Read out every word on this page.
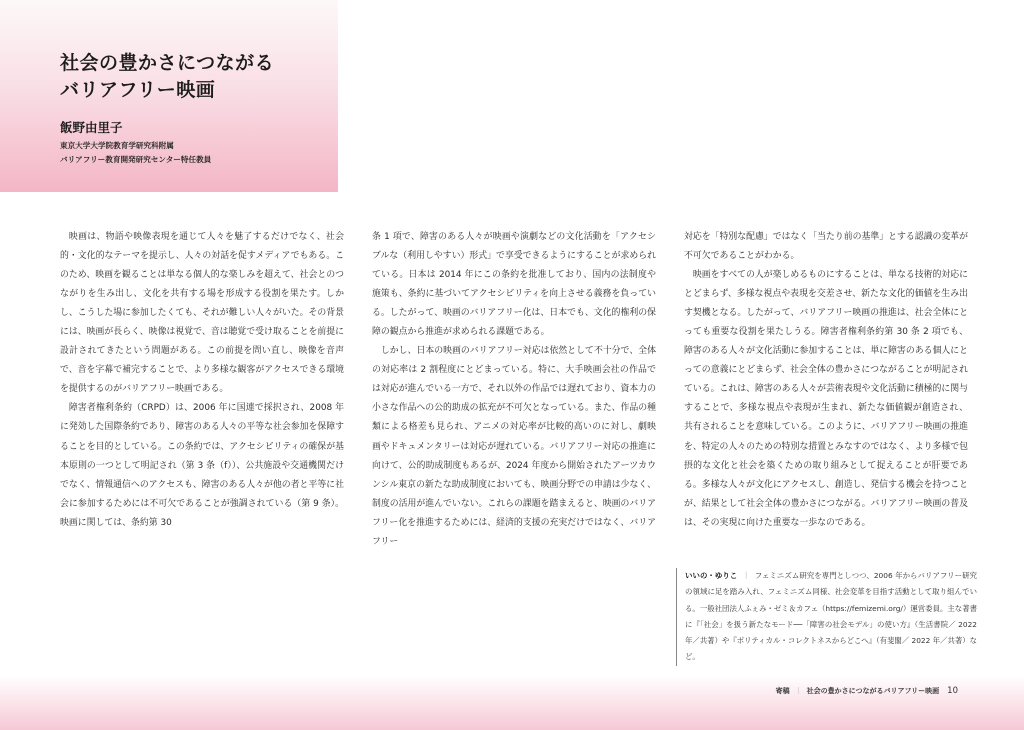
社会の豊かさにつながる
バリアフリー映画
飯野由里子
東京大学大学院教育学研究科附属
バリアフリー教育開発研究センター特任教員

映画は、物語や映像表現を通じて人々を魅了するだけでなく、社会的・文化的なテーマを提示し、人々の対話を促すメディアでもある。このため、映画を観ることは単なる個人的な楽しみを超えて、社会とのつながりを生み出し、文化を共有する場を形成する役割を果たす。しかし、こうした場に参加したくても、それが難しい人々がいた。その背景には、映画が長らく、映像は視覚で、音は聴覚で受け取ることを前提に設計されてきたという問題がある。この前提を問い直し、映像を音声で、音を字幕で補完することで、より多様な観客がアクセスできる環境を提供するのがバリアフリー映画である。

障害者権利条約（CRPD）は、2006 年に国連で採択され、2008 年に発効した国際条約であり、障害のある人々の平等な社会参加を保障することを目的としている。この条約では、アクセシビリティの確保が基本原則の一つとして明記され（第 3 条（f））、公共施設や交通機関だけでなく、情報通信へのアクセスも、障害のある人々が他の者と平等に社会に参加するためには不可欠であることが強調されている（第 9 条）。映画に関しては、条約第 30

条 1 項で、障害のある人々が映画や演劇などの文化活動を「アクセシブルな（利用しやすい）形式」で享受できるようにすることが求められている。日本は 2014 年にこの条約を批准しており、国内の法制度や施策も、条約に基づいてアクセシビリティを向上させる義務を負っている。したがって、映画のバリアフリー化は、日本でも、文化的権利の保障の観点から推進が求められる課題である。

しかし、日本の映画のバリアフリー対応は依然として不十分で、全体の対応率は 2 割程度にとどまっている。特に、大手映画会社の作品では対応が進んでいる一方で、それ以外の作品では遅れており、資本力の小さな作品への公的助成の拡充が不可欠となっている。また、作品の種類による格差も見られ、アニメの対応率が比較的高いのに対し、劇映画やドキュメンタリーは対応が遅れている。バリアフリー対応の推進に向けて、公的助成制度もあるが、2024 年度から開始されたアーツカウンシル東京の新たな助成制度においても、映画分野での申請は少なく、制度の活用が進んでいない。これらの課題を踏まえると、映画のバリアフリー化を推進するためには、経済的支援の充実だけではなく、バリアフリー

対応を「特別な配慮」ではなく「当たり前の基準」とする認識の変革が不可欠であることがわかる。

映画をすべての人が楽しめるものにすることは、単なる技術的対応にとどまらず、多様な視点や表現を交差させ、新たな文化的価値を生み出す契機となる。したがって、バリアフリー映画の推進は、社会全体にとっても重要な役割を果たしうる。障害者権利条約第 30 条 2 項でも、障害のある人々が文化活動に参加することは、単に障害のある個人にとっての意義にとどまらず、社会全体の豊かさにつながることが明記されている。これは、障害のある人々が芸術表現や文化活動に積極的に関与することで、多様な視点や表現が生まれ、新たな価値観が創造され、共有されることを意味している。このように、バリアフリー映画の推進を、特定の人々のための特別な措置とみなすのではなく、より多様で包摂的な文化と社会を築くための取り組みとして捉えることが肝要である。多様な人々が文化にアクセスし、創造し、発信する機会を持つことが、結果として社会全体の豊かさにつながる。バリアフリー映画の普及は、その実現に向けた重要な一歩なのである。

いいの・ゆりこ ｜ フェミニズム研究を専門としつつ、2006 年からバリアフリー研究の領域に足を踏み入れ、フェミニズム同様、社会変革を目指す活動として取り組んでいる。一般社団法人ふぇみ・ゼミ＆カフェ（https://femizemi.org/）運営委員。主な著書に『「社会」を扱う新たなモード──「障害の社会モデル」の使い方』（生活書院／ 2022 年／共著）や『ポリティカル・コレクトネスからどこへ』（有斐閣／ 2022 年／共著）など。
寄稿 ｜ 社会の豊かさにつながるバリアフリー映画 10
